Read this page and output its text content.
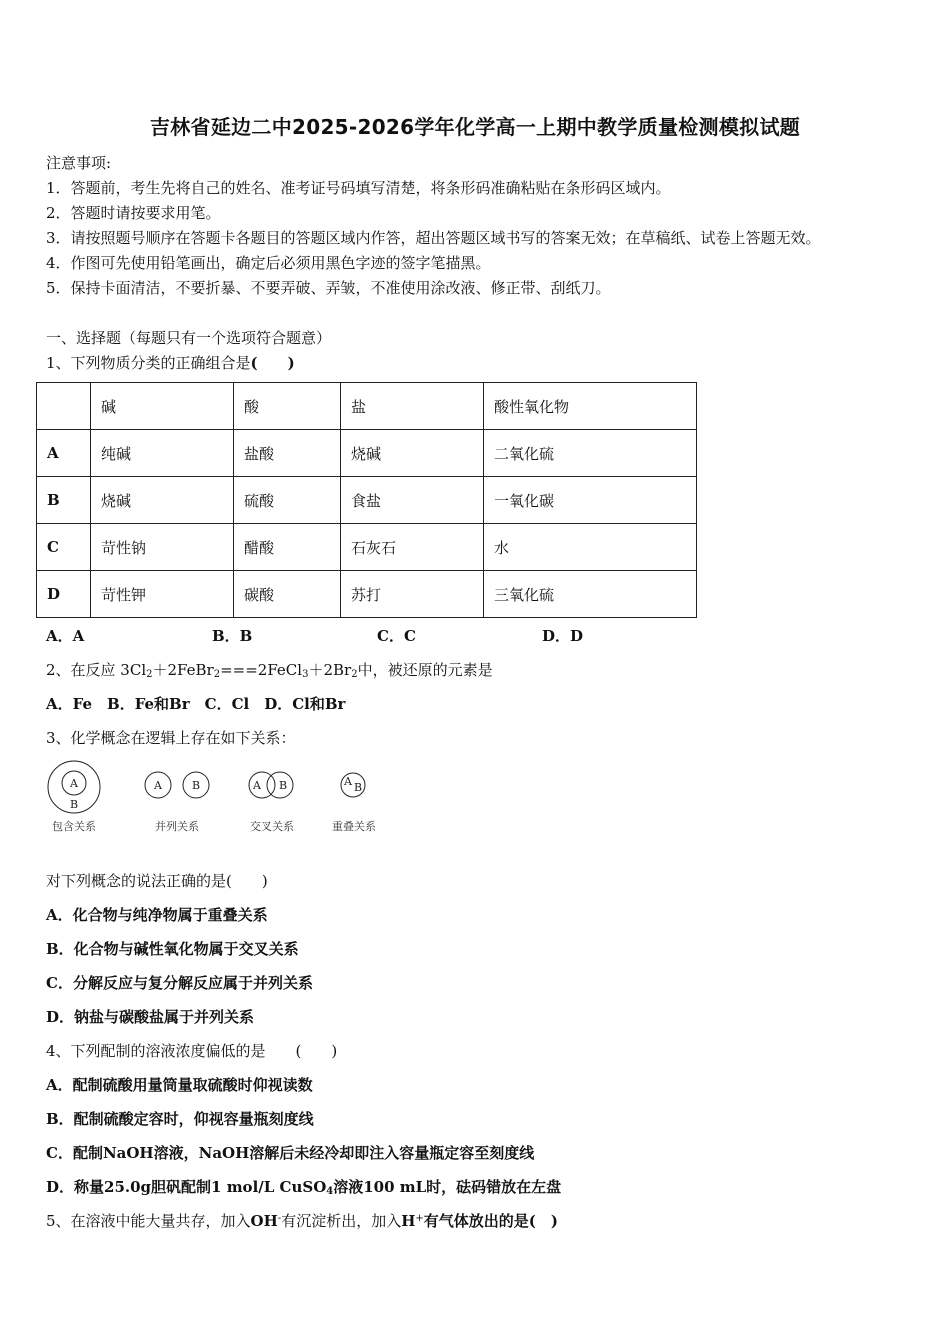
吉林省延边二中2025-2026学年化学高一上期中教学质量检测模拟试题
注意事项:
1．答题前，考生先将自己的姓名、准考证号码填写清楚，将条形码准确粘贴在条形码区域内。
2．答题时请按要求用笔。
3．请按照题号顺序在答题卡各题目的答题区域内作答，超出答题区域书写的答案无效；在草稿纸、试卷上答题无效。
4．作图可先使用铅笔画出，确定后必须用黑色字迹的签字笔描黑。
5．保持卡面清洁，不要折暴、不要弄破、弄皱，不准使用涂改液、修正带、刮纸刀。
一、选择题（每题只有一个选项符合题意）
1、下列物质分类的正确组合是(　　)
	碱	酸	盐	酸性氧化物
A	纯碱	盐酸	烧碱	二氧化硫
B	烧碱	硫酸	食盐	一氧化碳
C	苛性钠	醋酸	石灰石	水
D	苛性钾	碳酸	苏打	三氧化硫
A．A	B．B	C．C	D．D
2、在反应 $3Cl_2+2FeBr_2===2FeCl_3+2Br_2$中，被还原的元素是
A．Fe　B．Fe和Br　C．Cl　D．Cl和Br
3、化学概念在逻辑上存在如下关系：
A
B
A	B	A B	A B
包含关系	并列关系	交叉关系	重叠关系
对下列概念的说法正确的是(　　)
A．化合物与纯净物属于重叠关系
B．化合物与碱性氧化物属于交叉关系
C．分解反应与复分解反应属于并列关系
D．钠盐与碳酸盐属于并列关系
4、下列配制的溶液浓度偏低的是　　(　　)
A．配制硫酸用量筒量取硫酸时仰视读数
B．配制硫酸定容时，仰视容量瓶刻度线
C．配制NaOH溶液，NaOH溶解后未经冷却即注入容量瓶定容至刻度线
D．称量25.0g胆矾配制1 mol/L CuSO$_4$溶液100 mL时，砝码错放在左盘
5、在溶液中能大量共存，加入OH-有沉淀析出，加入H+有气体放出的是(　)
